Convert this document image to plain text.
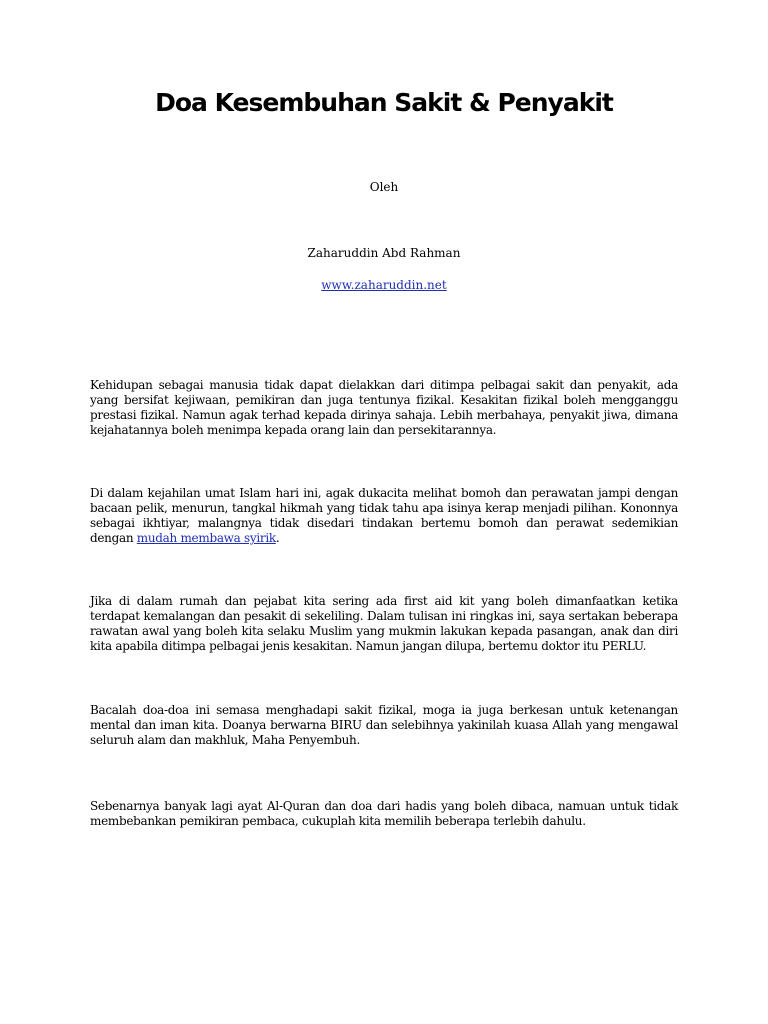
Doa Kesembuhan Sakit & Penyakit
Oleh
Zaharuddin Abd Rahman
www.zaharuddin.net

Kehidupan sebagai manusia tidak dapat dielakkan dari ditimpa pelbagai sakit dan penyakit, ada yang bersifat kejiwaan, pemikiran dan juga tentunya fizikal. Kesakitan fizikal boleh mengganggu prestasi fizikal. Namun agak terhad kepada dirinya sahaja. Lebih merbahaya, penyakit jiwa, dimana kejahatannya boleh menimpa kepada orang lain dan persekitarannya.

Di dalam kejahilan umat Islam hari ini, agak dukacita melihat bomoh dan perawatan jampi dengan bacaan pelik, menurun, tangkal hikmah yang tidak tahu apa isinya kerap menjadi pilihan. Kononnya sebagai ikhtiyar, malangnya tidak disedari tindakan bertemu bomoh dan perawat sedemikian dengan mudah membawa syirik.

Jika di dalam rumah dan pejabat kita sering ada first aid kit yang boleh dimanfaatkan ketika terdapat kemalangan dan pesakit di sekeliling. Dalam tulisan ini ringkas ini, saya sertakan beberapa rawatan awal yang boleh kita selaku Muslim yang mukmin lakukan kepada pasangan, anak dan diri kita apabila ditimpa pelbagai jenis kesakitan. Namun jangan dilupa, bertemu doktor itu PERLU.

Bacalah doa-doa ini semasa menghadapi sakit fizikal, moga ia juga berkesan untuk ketenangan mental dan iman kita. Doanya berwarna BIRU dan selebihnya yakinilah kuasa Allah yang mengawal seluruh alam dan makhluk, Maha Penyembuh.

Sebenarnya banyak lagi ayat Al-Quran dan doa dari hadis yang boleh dibaca, namuan untuk tidak membebankan pemikiran pembaca, cukuplah kita memilih beberapa terlebih dahulu.
